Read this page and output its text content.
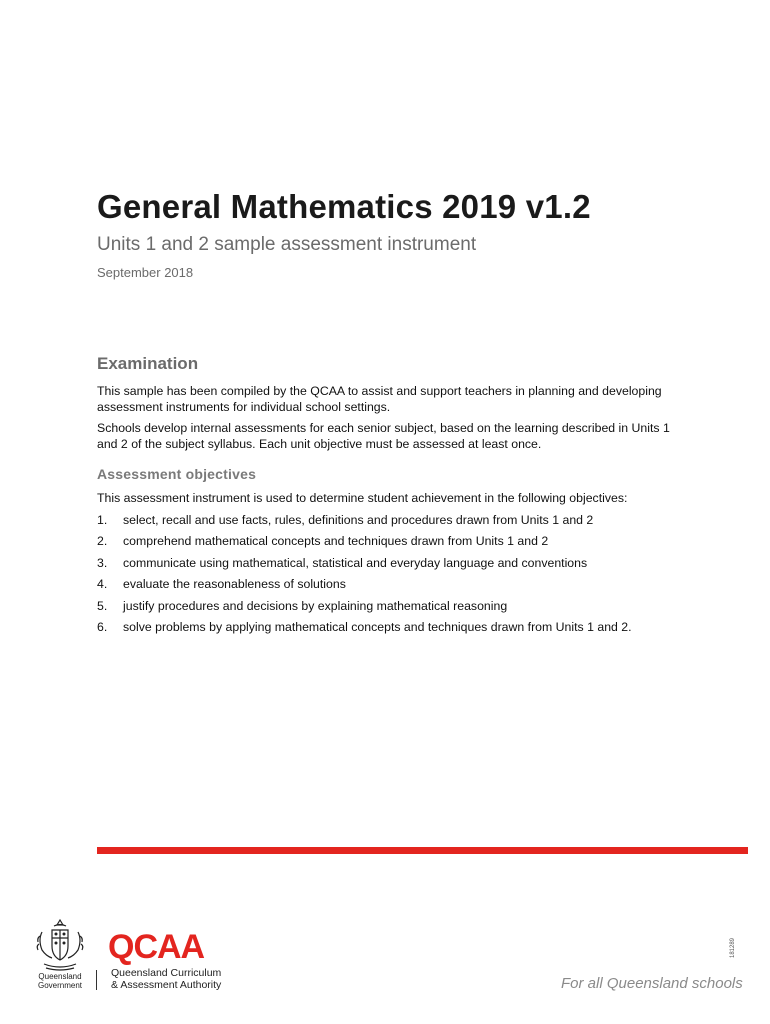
General Mathematics 2019 v1.2
Units 1 and 2 sample assessment instrument
September 2018
Examination

This sample has been compiled by the QCAA to assist and support teachers in planning and developing assessment instruments for individual school settings.

Schools develop internal assessments for each senior subject, based on the learning described in Units 1 and 2 of the subject syllabus. Each unit objective must be assessed at least once.

Assessment objectives

This assessment instrument is used to determine student achievement in the following objectives:

1.	select, recall and use facts, rules, definitions and procedures drawn from Units 1 and 2
2.	comprehend mathematical concepts and techniques drawn from Units 1 and 2
3.	communicate using mathematical, statistical and everyday language and conventions
4.	evaluate the reasonableness of solutions
5.	justify procedures and decisions by explaining mathematical reasoning
6.	solve problems by applying mathematical concepts and techniques drawn from Units 1 and 2.
Queensland
Government
QCAA
Queensland Curriculum
& Assessment Authority
181289
For all Queensland schools
